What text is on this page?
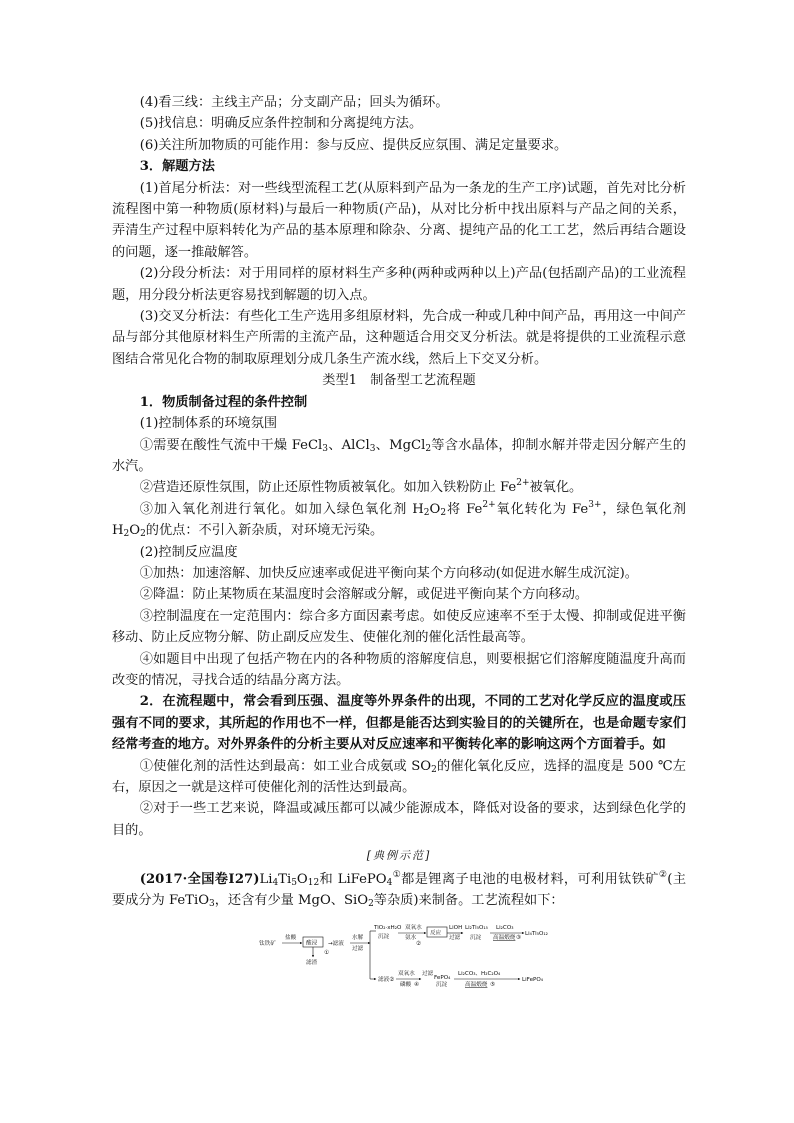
(4)看三线：主线主产品；分支副产品；回头为循环。

(5)找信息：明确反应条件控制和分离提纯方法。

(6)关注所加物质的可能作用：参与反应、提供反应氛围、满足定量要求。

3．解题方法

(1)首尾分析法：对一些线型流程工艺(从原料到产品为一条龙的生产工序)试题，首先对比分析流程图中第一种物质(原材料)与最后一种物质(产品)，从对比分析中找出原料与产品之间的关系，弄清生产过程中原料转化为产品的基本原理和除杂、分离、提纯产品的化工工艺，然后再结合题设的问题，逐一推敲解答。

(2)分段分析法：对于用同样的原材料生产多种(两种或两种以上)产品(包括副产品)的工业流程题，用分段分析法更容易找到解题的切入点。

(3)交叉分析法：有些化工生产选用多组原材料，先合成一种或几种中间产品，再用这一中间产品与部分其他原材料生产所需的主流产品，这种题适合用交叉分析法。就是将提供的工业流程示意图结合常见化合物的制取原理划分成几条生产流水线，然后上下交叉分析。

类型1　制备型工艺流程题

1．物质制备过程的条件控制

(1)控制体系的环境氛围

①需要在酸性气流中干燥 FeCl$_3$、AlCl$_3$、MgCl$_2$等含水晶体，抑制水解并带走因分解产生的水汽。

②营造还原性氛围，防止还原性物质被氧化。如加入铁粉防止 $Fe^{2+}$被氧化。

③加入氧化剂进行氧化。如加入绿色氧化剂 $H_2O_2$将 $Fe^{2+}$氧化转化为 $Fe^{3+}$，绿色氧化剂 $H_2O_2$的优点：不引入新杂质，对环境无污染。

(2)控制反应温度

①加热：加速溶解、加快反应速率或促进平衡向某个方向移动(如促进水解生成沉淀)。

②降温：防止某物质在某温度时会溶解或分解，或促进平衡向某个方向移动。

③控制温度在一定范围内：综合多方面因素考虑。如使反应速率不至于太慢、抑制或促进平衡移动、防止反应物分解、防止副反应发生、使催化剂的催化活性最高等。

④如题目中出现了包括产物在内的各种物质的溶解度信息，则要根据它们溶解度随温度升高而改变的情况，寻找合适的结晶分离方法。

2．在流程题中，常会看到压强、温度等外界条件的出现，不同的工艺对化学反应的温度或压强有不同的要求，其所起的作用也不一样，但都是能否达到实验目的的关键所在，也是命题专家们经常考查的地方。对外界条件的分析主要从对反应速率和平衡转化率的影响这两个方面着手。如

①使催化剂的活性达到最高：如工业合成氨或 $SO_2$的催化氧化反应，选择的温度是 500 ℃左右，原因之一就是这样可使催化剂的活性达到最高。

②对于一些工艺来说，降温或减压都可以减少能源成本，降低对设备的要求，达到绿色化学的目的。

[典例示范]

(2017·全国卷$Ⅰ27)Li_4Ti_5O_{12}$和 LiFePO$_4$①都是锂离子电池的电极材料，可利用钛铁矿②(主要成分为 FeTiO$_3$，还含有少量 MgO、SiO$_2$等杂质)来制备。工艺流程如下：

钛铁矿
盐酸
酸浸 →滤液
水解
过滤
①
滤渣
TiO₂·xH₂O
沉淀
双氧水
氨水
②
反应
LiOH
过滤
Li₂Ti₅O₁₅
沉淀
Li₂CO₃
高温煅烧 ③
Li₄Ti₅O₁₂
滤液②
双氧水
磷酸 ④
过滤
FePO₄
沉淀
Li₂CO₃、H₂C₂O₄
高温煅烧 ⑤
LiFePO₄
